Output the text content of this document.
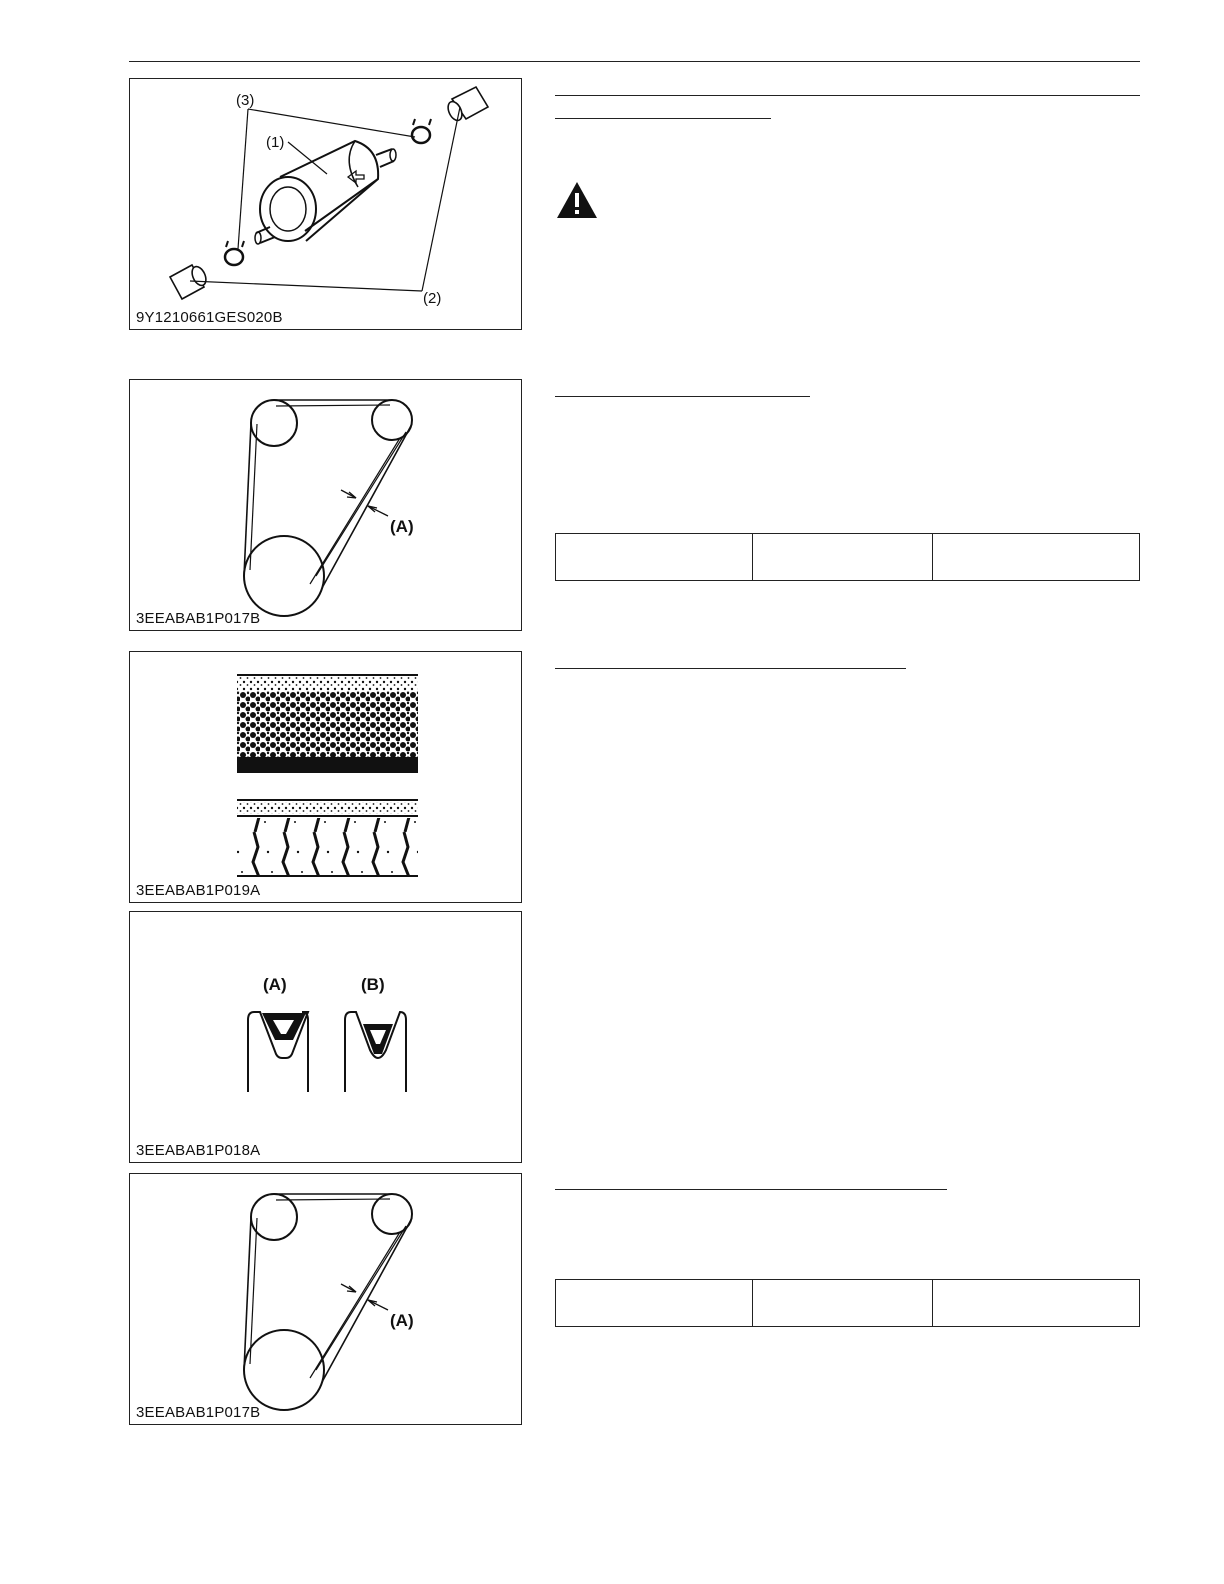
(3)
(1)
(2)
9Y1210661GES020B
(A)
3EEABAB1P017B

3EEABAB1P019A
(A)	(B)
3EEABAB1P018A
(A)
3EEABAB1P017B
